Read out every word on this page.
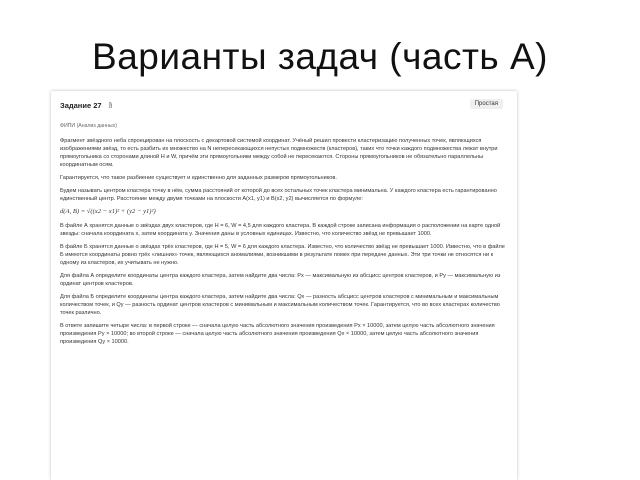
Варианты задач (часть А)
Задание 27	Простая
ФИПИ (Анализ данных)

Фрагмент звёздного неба спроецирован на плоскость с декартовой системой координат. Учёный решил провести кластеризацию полученных точек, являющихся изображениями звёзд, то есть разбить их множество на N непересекающихся непустых подмножеств (кластеров), таких что точки каждого подмножества лежат внутри прямоугольника со сторонами длиной H и W, причём эти прямоугольники между собой не пересекаются. Стороны прямоугольников не обязательно параллельны координатным осям.

Гарантируется, что такое разбиение существует и единственно для заданных размеров прямоугольников.

Будем называть центром кластера точку в нём, сумма расстояний от которой до всех остальных точек кластера минимальна. У каждого кластера есть гарантированно единственный центр. Расстояние между двумя точками на плоскости A(x1, y1) и B(x2, y2) вычисляется по формуле:

d(A, B) = √((x2 − x1)² + (y2 − y1)²)

В файле А хранятся данные о звёздах двух кластеров, где H = 6, W = 4,5 для каждого кластера. В каждой строке записана информация о расположении на карте одной звезды: сначала координата x, затем координата y. Значения даны в условных единицах. Известно, что количество звёзд не превышает 1000.

В файле Б хранятся данные о звёздах трёх кластеров, где H = 5, W = 6 для каждого кластера. Известно, что количество звёзд не превышает 1000. Известно, что в файле Б имеются координаты ровно трёх «лишних» точек, являющихся аномалиями, возникшими в результате помех при передаче данных. Эти три точки не относятся ни к одному из кластеров, их учитывать не нужно.

Для файла А определите координаты центра каждого кластера, затем найдите два числа: Px — максимальную из абсцисс центров кластеров, и Py — максимальную из ординат центров кластеров.

Для файла Б определите координаты центра каждого кластера, затем найдите два числа: Qx — разность абсцисс центров кластеров с минимальным и максимальным количеством точек, и Qy — разность ординат центров кластеров с минимальным и максимальным количеством точек. Гарантируется, что во всех кластерах количество точек различно.

В ответе запишите четыре числа: в первой строке — сначала целую часть абсолютного значения произведения Px × 10000, затем целую часть абсолютного значения произведения Py × 10000; во второй строке — сначала целую часть абсолютного значения произведения Qx × 10000, затем целую часть абсолютного значения произведения Qy × 10000.
